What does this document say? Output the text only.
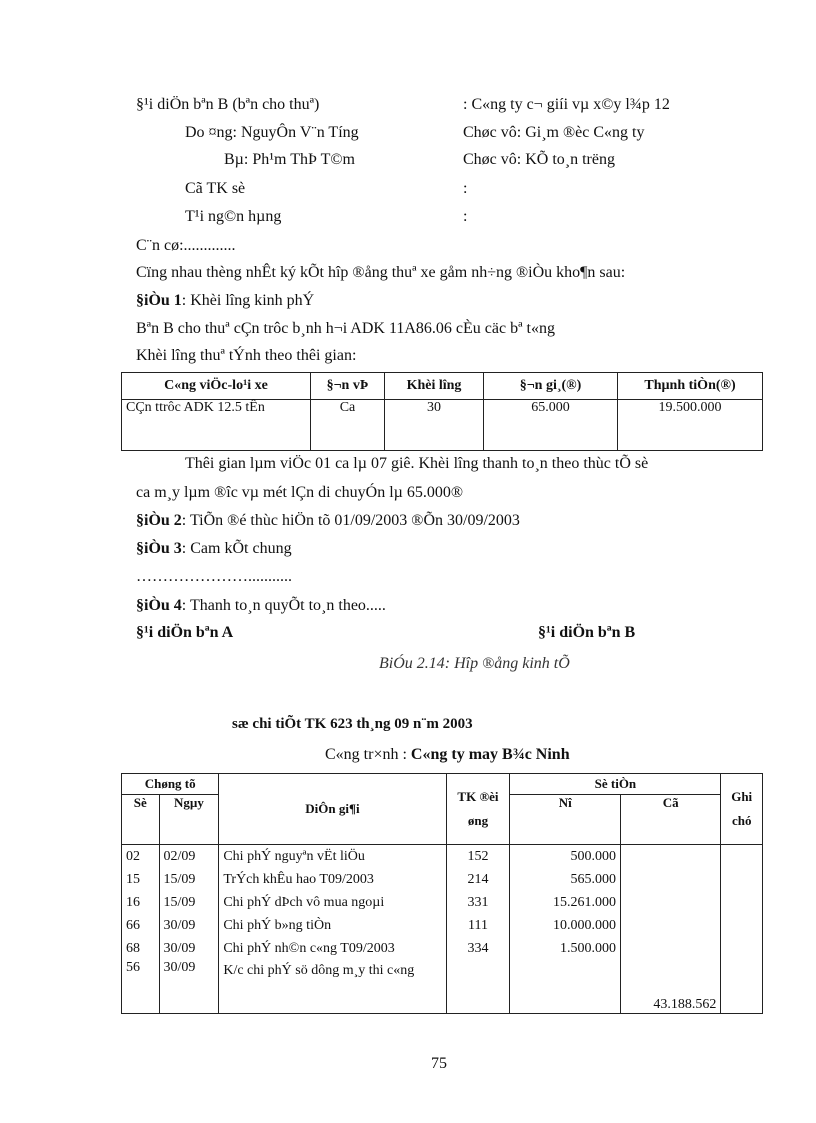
§¹i diÖn bªn B (bªn cho thuª)	: C«ng ty c¬ giíi vµ x©y l¾p 12
Do ¤ng: NguyÔn V¨n Tíng	Chøc vô: Gi¸m ®èc C«ng ty
Bµ: Ph¹m ThÞ T©m	Chøc vô: KÕ to¸n trëng
Cã TK sè	:
T¹i ng©n hµng	:
C¨n cø:.............
Cïng nhau thèng nhÊt ký kÕt hîp ®ång thuª xe gåm nh÷ng ®iÒu kho¶n sau:
§iÒu 1: Khèi lîng kinh phÝ
Bªn B cho thuª cÇn trôc b¸nh h¬i ADK 11A86.06 cÈu cäc bª t«ng
Khèi lîng thuª tÝnh theo thêi gian:
C«ng viÖc-lo¹i xe	§¬n vÞ	Khèi lîng	§¬n gi¸(®)	Thµnh tiÒn(®)
CÇn ttrôc ADK 12.5 tÊn	Ca	30	65.000	19.500.000
Thêi gian lµm viÖc 01 ca lµ 07 giê. Khèi lîng thanh to¸n theo thùc tÕ sè
ca m¸y lµm ®îc vµ mét lÇn di chuyÓn lµ 65.000®
§iÒu 2: TiÕn ®é thùc hiÖn tõ 01/09/2003 ®Õn 30/09/2003
§iÒu 3: Cam kÕt chung
…………………...........
§iÒu 4: Thanh to¸n quyÕt to¸n theo.....
§¹i diÖn bªn A	§¹i diÖn bªn B
BiÓu 2.14: Hîp ®ång kinh tÕ
sæ chi tiÕt TK 623 th¸ng 09 n¨m 2003
C«ng tr×nh : C«ng ty may B¾c Ninh
Chøng tõ		DiÔn gi¶i	TK ®èi øng	Sè tiÒn		Ghi chó
Sè	Ngµy			Nî	Cã	

02	02/09	Chi phÝ nguyªn vËt liÖu	152	500.000		
15	15/09	TrÝch khÊu hao T09/2003	214	565.000		
16	15/09	Chi phÝ dÞch vô mua ngoµi	331	15.261.000		
66	30/09	Chi phÝ b»ng tiÒn	111	10.000.000		
68	30/09	Chi phÝ nh©n c«ng T09/2003	334	1.500.000		
56	30/09	K/c chi phÝ sö dông m¸y thi c«ng			43.188.562	
75
